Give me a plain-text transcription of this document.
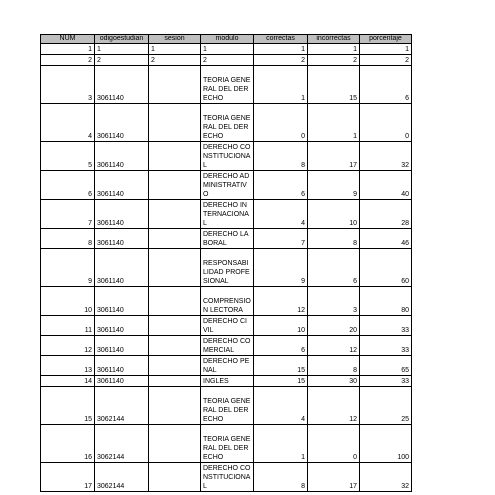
NUM	odigoestudian	sesion	modulo	correctas	incorrectas	porcentaje
1	1	1	1	1	1	1
2	2	2	2	2	2	2
3	3061140		TEORIA GENERAL DEL DERECHO	1	15	6
4	3061140		TEORIA GENERAL DEL DERECHO	0	1	0
5	3061140		DERECHO CONSTITUCIONAL	8	17	32
6	3061140		DERECHO ADMINISTRATIVO	6	9	40
7	3061140		DERECHO INTERNACIONAL	4	10	28
8	3061140		DERECHO LABORAL	7	8	46
9	3061140		RESPONSABILIDAD PROFESIONAL	9	6	60
10	3061140		COMPRENSION LECTORA	12	3	80
11	3061140		DERECHO CIVIL	10	20	33
12	3061140		DERECHO COMERCIAL	6	12	33
13	3061140		DERECHO PENAL	15	8	65
14	3061140		INGLES	15	30	33
15	3062144		TEORIA GENERAL DEL DERECHO	4	12	25
16	3062144		TEORIA GENERAL DEL DERECHO	1	0	100
17	3062144		DERECHO CONSTITUCIONAL	8	17	32
